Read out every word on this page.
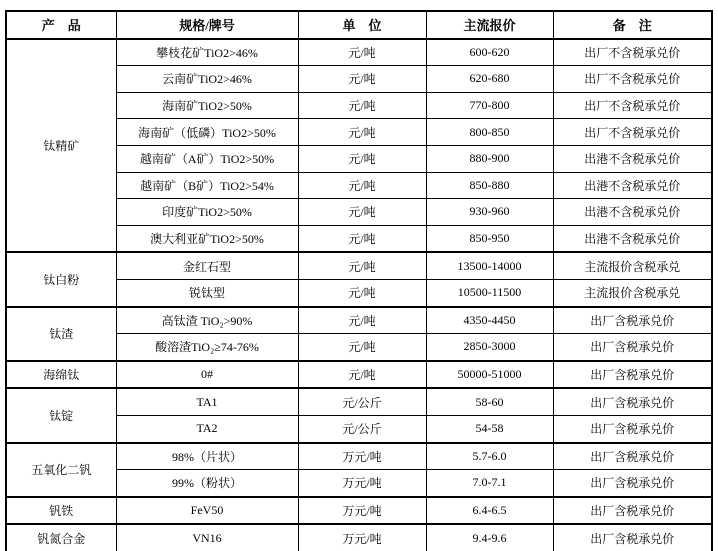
产　品	规格/牌号	单　位	主流报价	备　注
钛精矿	攀枝花矿TiO2>46%	元/吨	600-620	出厂不含税承兑价
	云南矿TiO2>46%	元/吨	620-680	出厂不含税承兑价
	海南矿TiO2>50%	元/吨	770-800	出厂不含税承兑价
	海南矿（低磷）TiO2>50%	元/吨	800-850	出厂不含税承兑价
	越南矿（A矿）TiO2>50%	元/吨	880-900	出港不含税承兑价
	越南矿（B矿）TiO2>54%	元/吨	850-880	出港不含税承兑价
	印度矿TiO2>50%	元/吨	930-960	出港不含税承兑价
	澳大利亚矿TiO2>50%	元/吨	850-950	出港不含税承兑价
钛白粉	金红石型	元/吨	13500-14000	主流报价含税承兑
	锐钛型	元/吨	10500-11500	主流报价含税承兑
钛渣	高钛渣 TiO₂>90%	元/吨	4350-4450	出厂含税承兑价
	酸溶渣TiO₂≥74-76%	元/吨	2850-3000	出厂含税承兑价
海绵钛	0#	元/吨	50000-51000	出厂含税承兑价
钛锭	TA1	元/公斤	58-60	出厂含税承兑价
	TA2	元/公斤	54-58	出厂含税承兑价
五氧化二钒	98%（片状）	万元/吨	5.7-6.0	出厂含税承兑价
	99%（粉状）	万元/吨	7.0-7.1	出厂含税承兑价
钒铁	FeV50	万元/吨	6.4-6.5	出厂含税承兑价
钒氮合金	VN16	万元/吨	9.4-9.6	出厂含税承兑价
